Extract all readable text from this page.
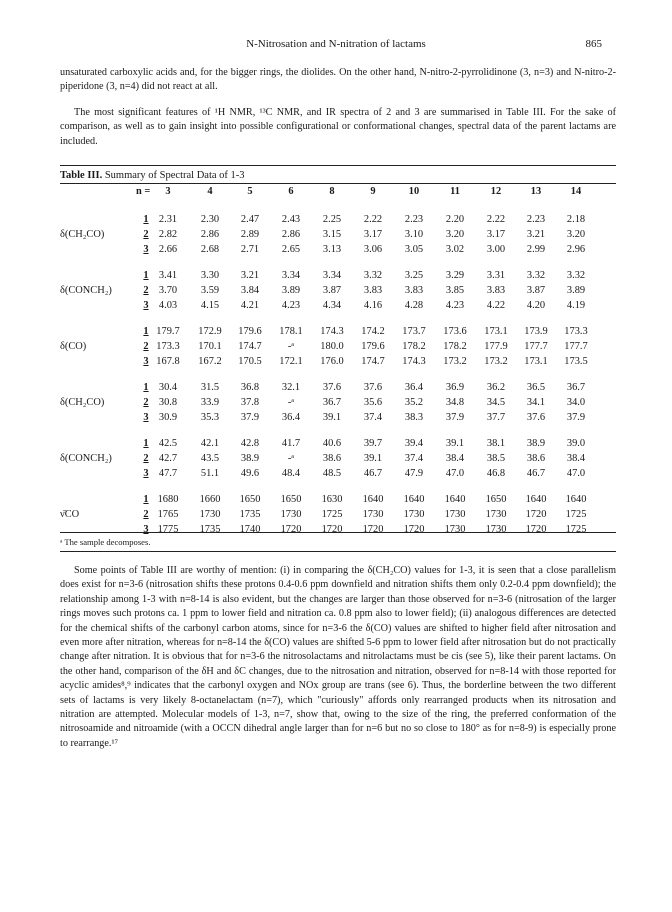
N-Nitrosation and N-nitration of lactams	865
unsaturated carboxylic acids and, for the bigger rings, the diolides. On the other hand, N-nitro-2-pyrrolidinone (3, n=3) and N-nitro-2-piperidone (3, n=4) did not react at all.
The most significant features of ¹H NMR, ¹³C NMR, and IR spectra of 2 and 3 are summarised in Table III. For the sake of comparison, as well as to gain insight into possible configurational or conformational changes, spectral data of the parent lactams are included.
Table III. Summary of Spectral Data of 1-3
n =	3	4	5	6	8	9	10	11	12	13	14
δ(CH₂CO)
1 2.31	2.30	2.47	2.43	2.25	2.22	2.23	2.20	2.22	2.23	2.18
2 2.82	2.86	2.89	2.86	3.15	3.17	3.10	3.20	3.17	3.21	3.20
3 2.66	2.68	2.71	2.65	3.13	3.06	3.05	3.02	3.00	2.99	2.96
δ(CONCH₂)
1 3.41	3.30	3.21	3.34	3.34	3.32	3.25	3.29	3.31	3.32	3.32
2 3.70	3.59	3.84	3.89	3.87	3.83	3.83	3.85	3.83	3.87	3.89
3 4.03	4.15	4.21	4.23	4.34	4.16	4.28	4.23	4.22	4.20	4.19
δ(CO)
1 179.7	172.9	179.6	178.1	174.3	174.2	173.7	173.6	173.1	173.9	173.3
2 173.3	170.1	174.7	-ᵃ	180.0	179.6	178.2	178.2	177.9	177.7	177.7
3 167.8	167.2	170.5	172.1	176.0	174.7	174.3	173.2	173.2	173.1	173.5
δ(CH₂CO)
1 30.4	31.5	36.8	32.1	37.6	37.6	36.4	36.9	36.2	36.5	36.7
2 30.8	33.9	37.8	-ᵃ	36.7	35.6	35.2	34.8	34.5	34.1	34.0
3 30.9	35.3	37.9	36.4	39.1	37.4	38.3	37.9	37.7	37.6	37.9
δ(CONCH₂)
1 42.5	42.1	42.8	41.7	40.6	39.7	39.4	39.1	38.1	38.9	39.0
2 42.7	43.5	38.9	-ᵃ	38.6	39.1	37.4	38.4	38.5	38.6	38.4
3 47.7	51.1	49.6	48.4	48.5	46.7	47.9	47.0	46.8	46.7	47.0
ν̄CO
1 1680	1660	1650	1650	1630	1640	1640	1640	1650	1640	1640
2 1765	1730	1735	1730	1725	1730	1730	1730	1730	1720	1725
3 1775	1735	1740	1720	1720	1720	1720	1730	1730	1720	1725
ᵃ The sample decomposes.
Some points of Table III are worthy of mention: (i) in comparing the δ(CH₂CO) values for 1-3, it is seen that a close parallelism does exist for n=3-6 (nitrosation shifts these protons 0.4-0.6 ppm downfield and nitration shifts them only 0.2-0.4 ppm downfield); the relationship among 1-3 with n=8-14 is also evident, but the changes are larger than those observed for n=3-6 (nitrosation of the larger rings moves such protons ca. 1 ppm to lower field and nitration ca. 0.8 ppm also to lower field); (ii) analogous differences are detected for the chemical shifts of the carbonyl carbon atoms, since for n=3-6 the δ(CO) values are shifted to higher field after nitrosation and even more after nitration, whereas for n=8-14 the δ(CO) values are shifted 5-6 ppm to lower field after nitrosation but do not practically change after nitration. It is obvious that for n=3-6 the nitrosolactams and nitrolactams must be cis (see 5), like their parent lactams. On the other hand, comparison of the δH and δC changes, due to the nitrosation and nitration, observed for n=8-14 with those reported for acyclic amides⁸,⁹ indicates that the carbonyl oxygen and NOx group are trans (see 6). Thus, the borderline between the two different sets of lactams is very likely 8-octanelactam (n=7), which "curiously" affords only rearranged products when its nitrosation and nitration are attempted. Molecular models of 1-3, n=7, show that, owing to the size of the ring, the preferred conformation of the nitrosoamide and nitroamide (with a OCCN dihedral angle larger than for n=6 but no so close to 180° as for n=8-9) is especially prone to rearrange.¹⁷
